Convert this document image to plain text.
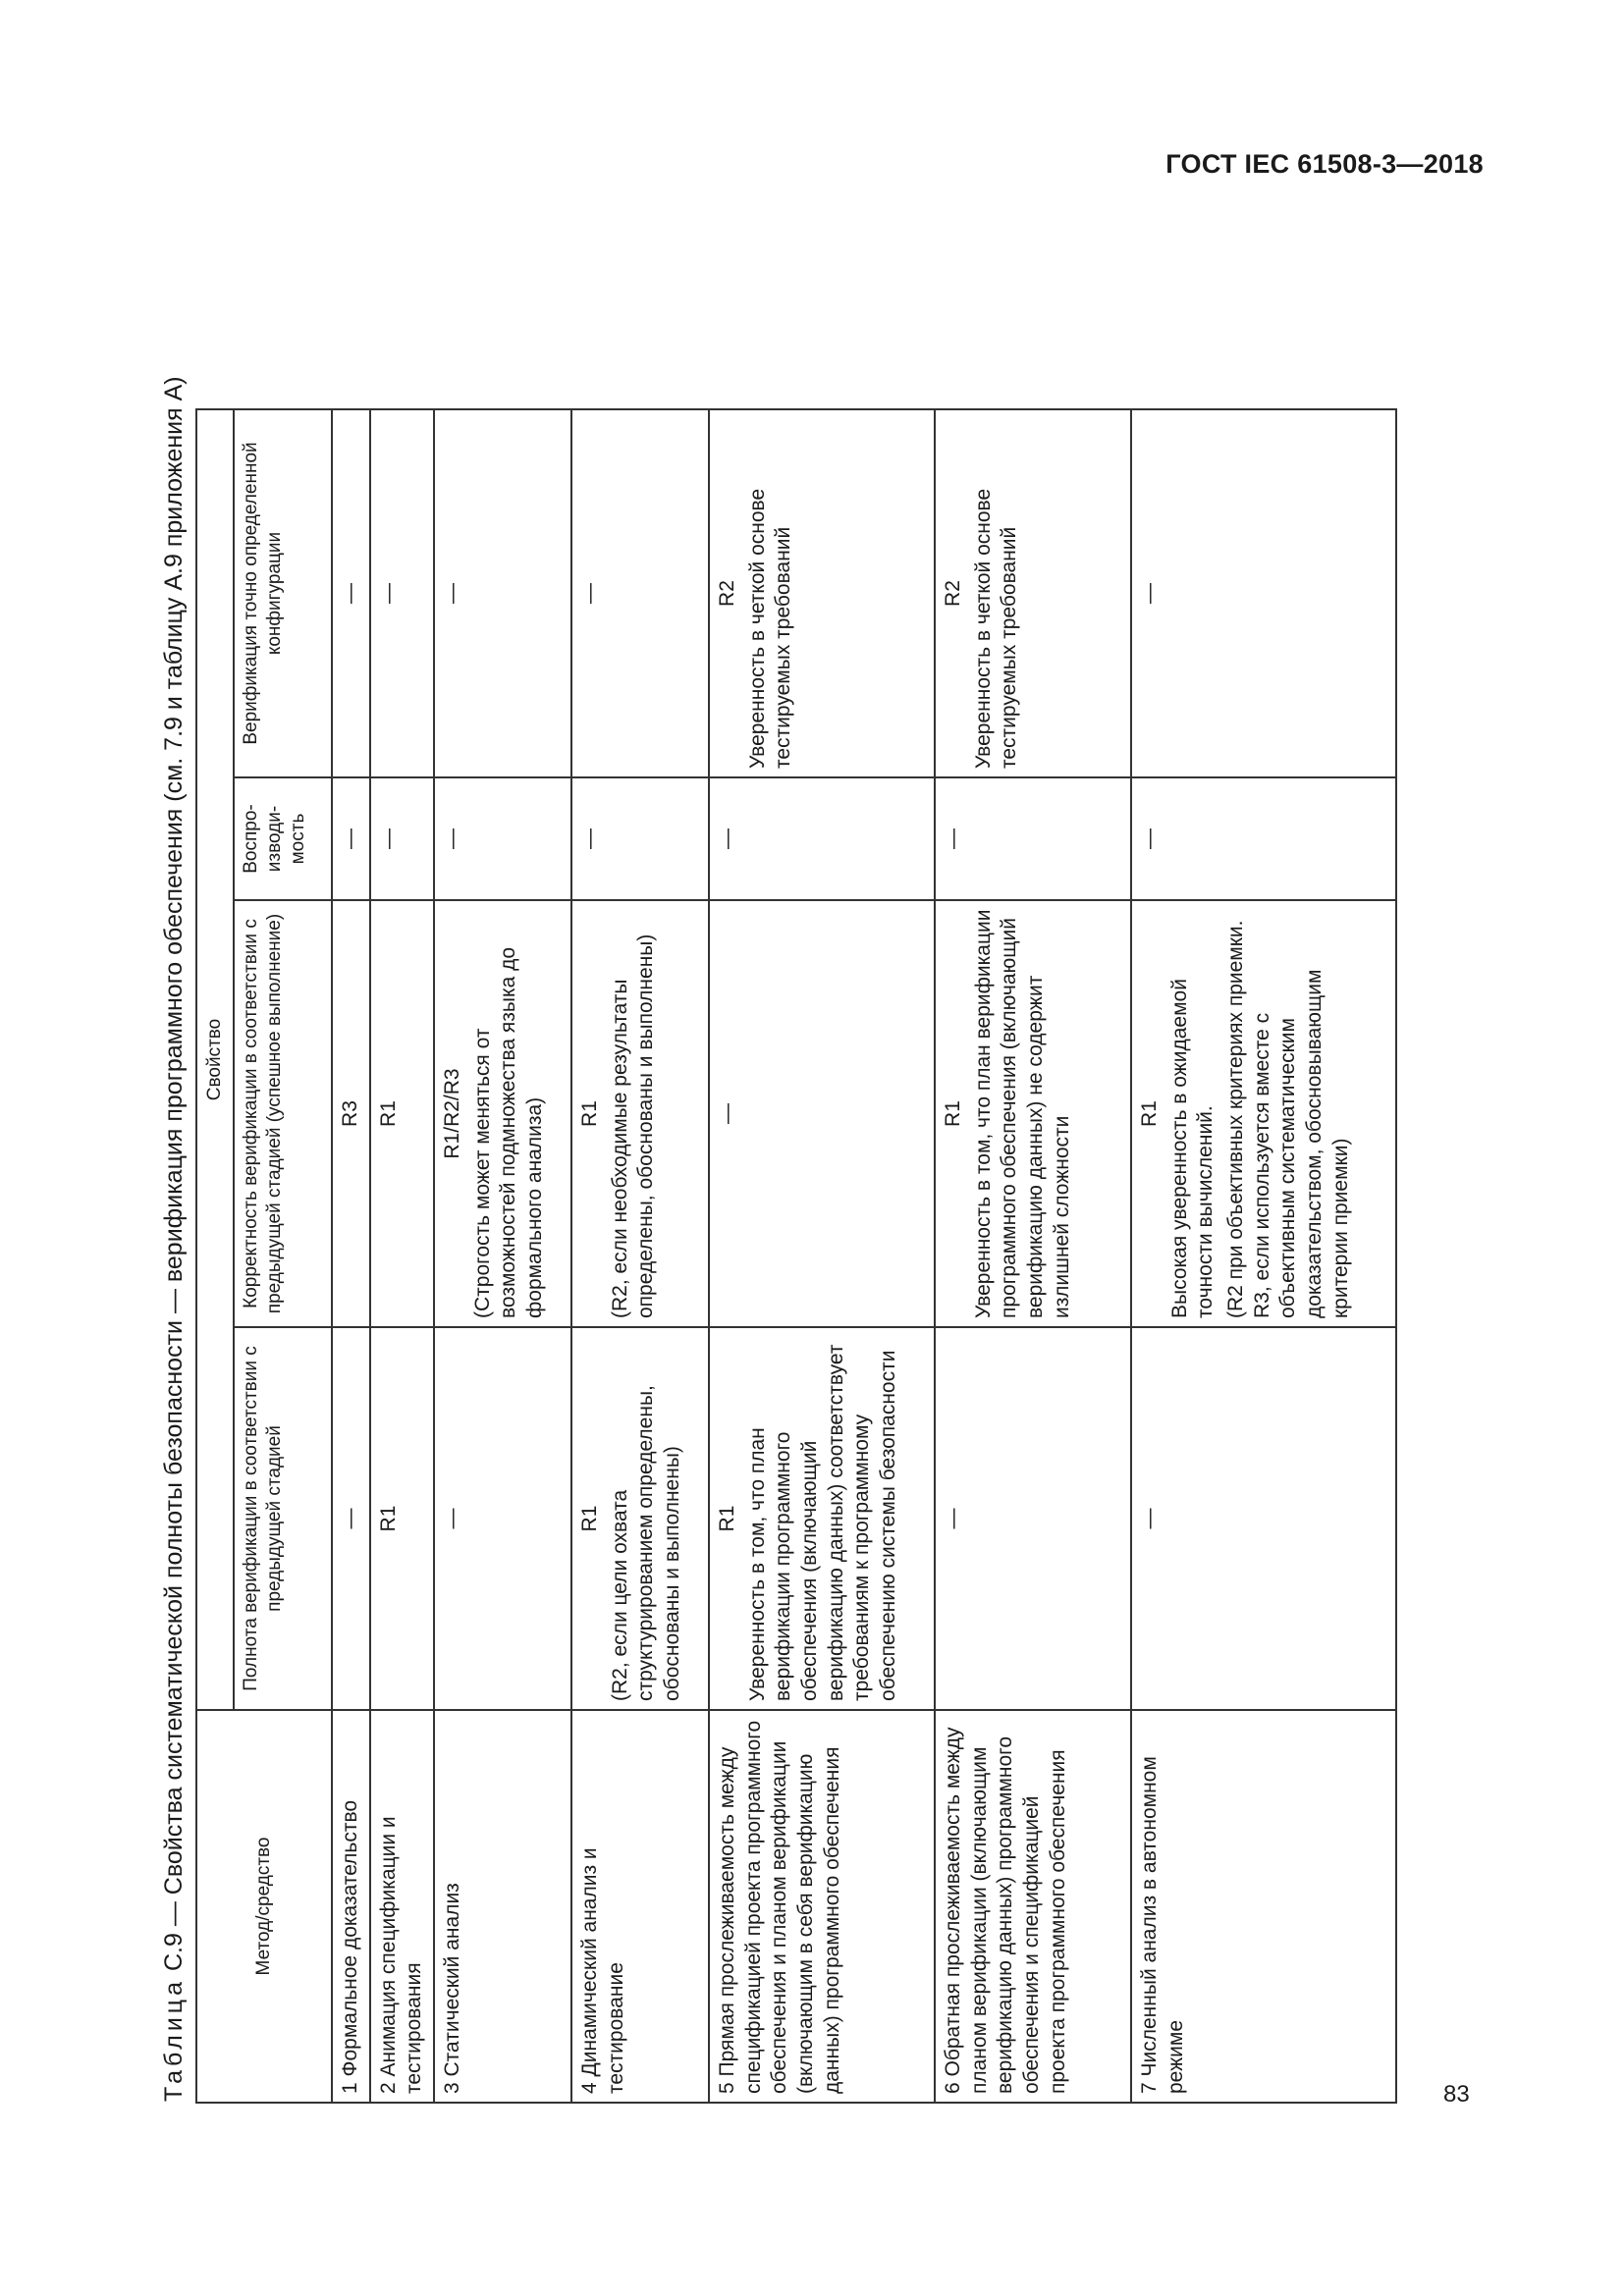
ГОСТ IEC 61508-3—2018
Таблица С.9 — Свойства систематической полноты безопасности — верификация программного обеспечения (см. 7.9 и таблицу А.9 приложения А)	Метод/средство	Свойство			
	Полнота верификации в соответствии с предыдущей стадией	Корректность верификации в соответствии с предыдущей стадией (успешное выполнение)	Воспро-изводи-мость	Верификация точно определенной конфигурации
1 Формальное доказательство	—	R3	—	—
2 Анимация спецификации и тестирования	R1	R1	—	—
3 Статический анализ	—	R1/R2/R3 (Строгость может меняться от возможностей подмножества языка до формального анализа)	—	—
4 Динамический анализ и тестирование	R1 (R2, если цели охвата структурированием определены, обоснованы и выполнены)	R1 (R2, если необходимые результаты определены, обоснованы и выполнены)	—	—
5 Прямая прослеживаемость между спецификацией проекта программного обеспечения и планом верификации (включающим в себя верификацию данных) программного обеспечения	R1 Уверенность в том, что план верификации программного обеспечения (включающий верификацию данных) соответствует требованиям к программному обеспечению системы безопасности	—	—	R2 Уверенность в четкой основе тестируемых требований

6 Обратная прослеживаемость между планом верификации (включающим верификацию данных) программного обеспечения и спецификацией проекта программного обеспечения	—	R1 Уверенность в том, что план верификации программного обеспечения (включающий верификацию данных) не содержит излишней сложности	—	R2 Уверенность в четкой основе тестируемых требований

7 Численный анализ в автономном режиме	—	R1 Высокая уверенность в ожидаемой точности вычислений. (R2 при объективных критериях приемки. R3, если используется вместе с объективным систематическим доказательством, обосновывающим критерии приемки)	—	—
83
